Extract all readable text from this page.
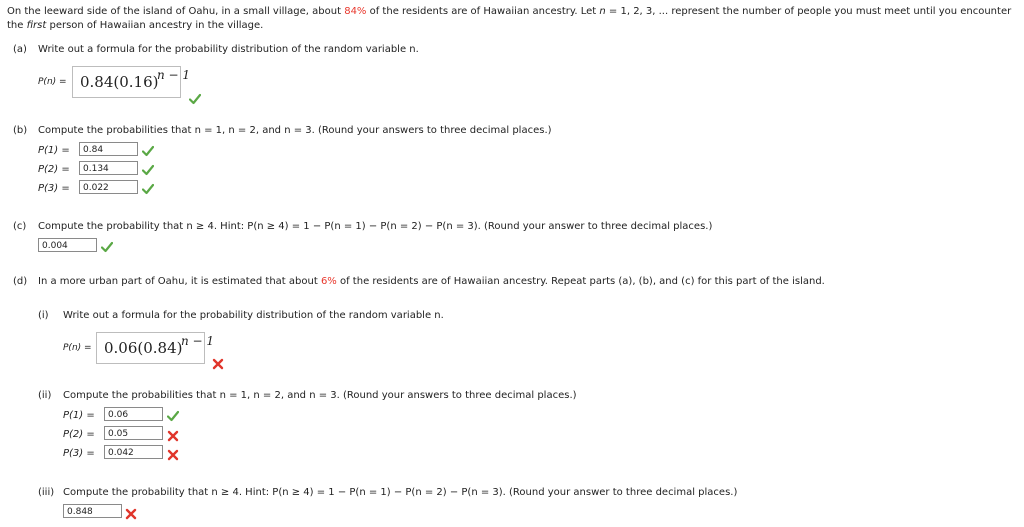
On the leeward side of the island of Oahu, in a small village, about 84% of the residents are of Hawaiian ancestry. Let n = 1, 2, 3, ... represent the number of people you must meet until you encounter
the first person of Hawaiian ancestry in the village.
(a) Write out a formula for the probability distribution of the random variable n.
P(n) = 0.84(0.16)
n − 1
(b) Compute the probabilities that n = 1, n = 2, and n = 3. (Round your answers to three decimal places.)
P(1) =	0.84
P(2) =	0.134
P(3) =	0.022
(c) Compute the probability that n ≥ 4. Hint: P(n ≥ 4) = 1 − P(n = 1) − P(n = 2) − P(n = 3). (Round your answer to three decimal places.)
0.004
(d) In a more urban part of Oahu, it is estimated that about 6% of the residents are of Hawaiian ancestry. Repeat parts (a), (b), and (c) for this part of the island.
(i) Write out a formula for the probability distribution of the random variable n.
P(n) = 0.06(0.84)
n − 1
(ii) Compute the probabilities that n = 1, n = 2, and n = 3. (Round your answers to three decimal places.)
P(1) =	0.06
P(2) =	0.05
P(3) =	0.042
(iii) Compute the probability that n ≥ 4. Hint: P(n ≥ 4) = 1 − P(n = 1) − P(n = 2) − P(n = 3). (Round your answer to three decimal places.)
0.848
